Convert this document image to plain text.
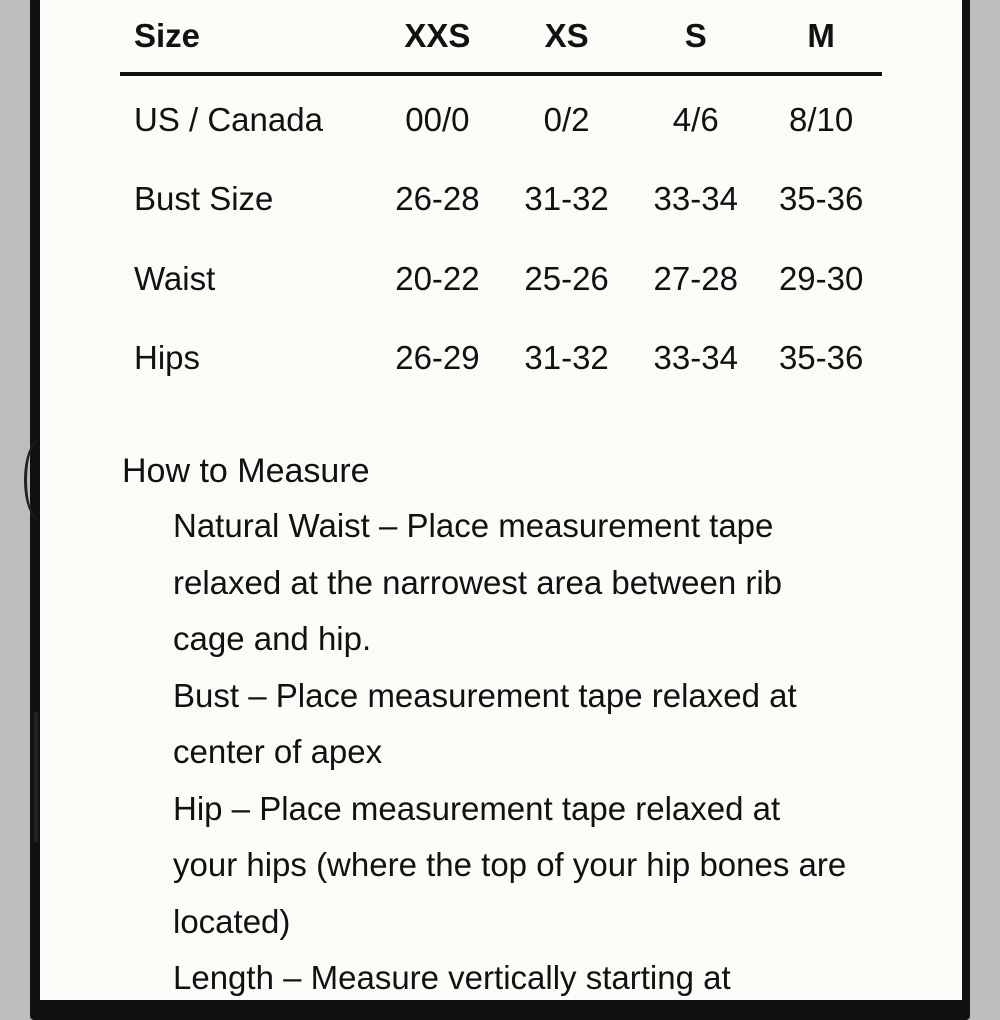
Size	XXS	XS	S	M
US / Canada	00/0	0/2	4/6	8/10
Bust Size	26-28	31-32	33-34	35-36
Waist	20-22	25-26	27-28	29-30
Hips	26-29	31-32	33-34	35-36

How to Measure

Natural Waist – Place measurement tape relaxed at the narrowest area between rib cage and hip.
Bust – Place measurement tape relaxed at center of apex
Hip – Place measurement tape relaxed at your hips (where the top of your hip bones are located)
Length – Measure vertically starting at
